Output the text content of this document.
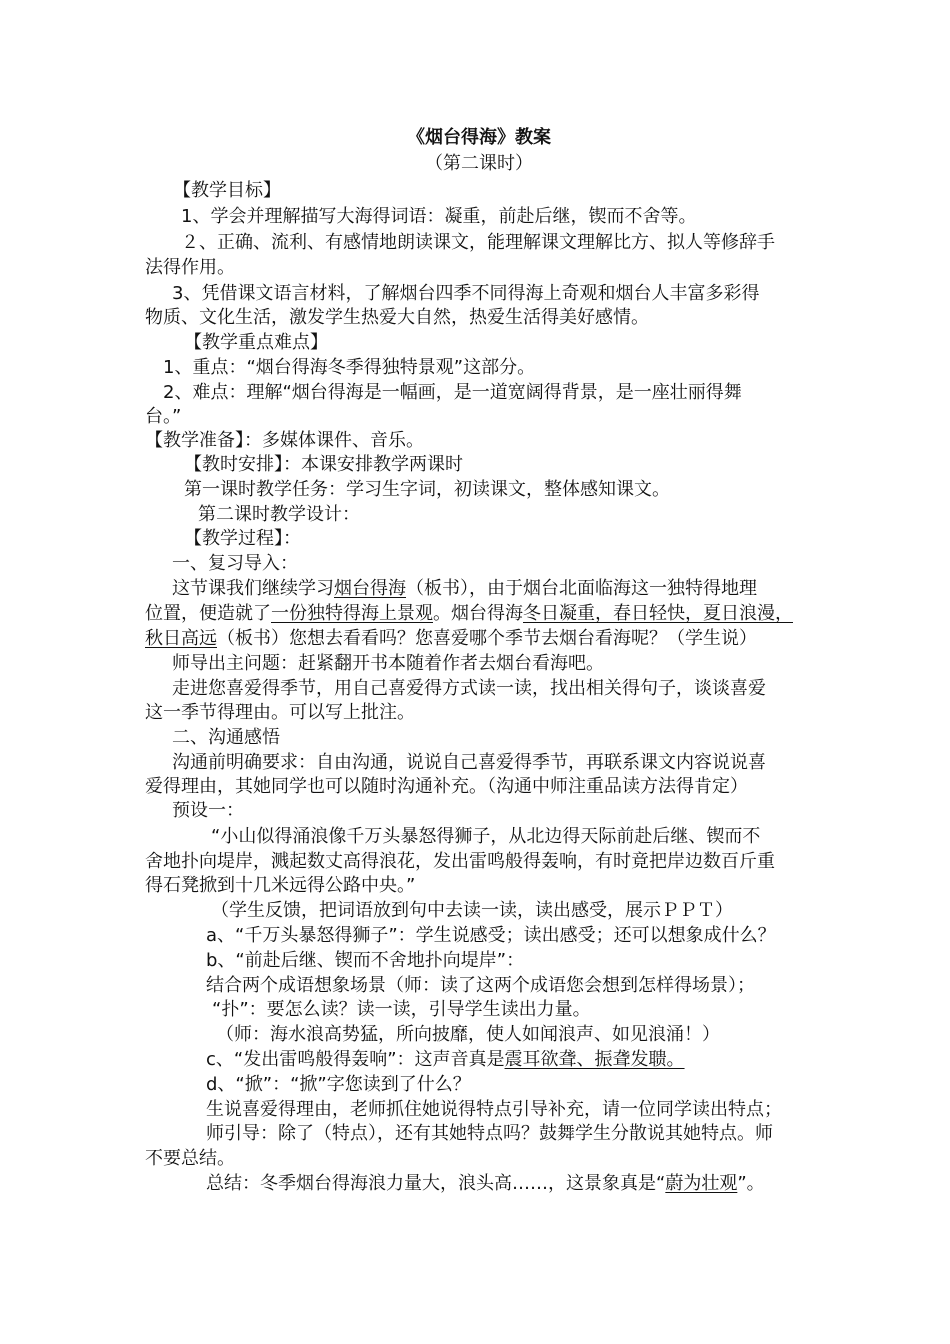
《烟台得海》教案
（第二课时）
【教学目标】
1、学会并理解描写大海得词语：凝重，前赴后继，锲而不舍等。
２、正确、流利、有感情地朗读课文，能理解课文理解比方、拟人等修辞手
法得作用。
3、凭借课文语言材料，了解烟台四季不同得海上奇观和烟台人丰富多彩得
物质、文化生活，激发学生热爱大自然，热爱生活得美好感情。
【教学重点难点】
1、重点：“烟台得海冬季得独特景观”这部分。
2、难点：理解“烟台得海是一幅画，是一道宽阔得背景，是一座壮丽得舞
台。”
【教学准备】：多媒体课件、音乐。
【教时安排】：本课安排教学两课时
第一课时教学任务：学习生字词，初读课文，整体感知课文。
第二课时教学设计：
【教学过程】：
一、复习导入：
这节课我们继续学习烟台得海（板书），由于烟台北面临海这一独特得地理
位置，便造就了一份独特得海上景观。烟台得海冬日凝重，春日轻快，夏日浪漫，
秋日高远（板书）您想去看看吗？您喜爱哪个季节去烟台看海呢？（学生说）
师导出主问题：赶紧翻开书本随着作者去烟台看海吧。
走进您喜爱得季节，用自己喜爱得方式读一读，找出相关得句子，谈谈喜爱
这一季节得理由。可以写上批注。
二、沟通感悟
沟通前明确要求：自由沟通，说说自己喜爱得季节，再联系课文内容说说喜
爱得理由，其她同学也可以随时沟通补充。（沟通中师注重品读方法得肯定）
预设一：
“小山似得涌浪像千万头暴怒得狮子，从北边得天际前赴后继、锲而不
舍地扑向堤岸，溅起数丈高得浪花，发出雷鸣般得轰响，有时竟把岸边数百斤重
得石凳掀到十几米远得公路中央。”
（学生反馈，把词语放到句中去读一读，读出感受，展示ＰＰＴ）
a、“千万头暴怒得狮子”：学生说感受；读出感受；还可以想象成什么？
b、“前赴后继、锲而不舍地扑向堤岸”：
结合两个成语想象场景（师：读了这两个成语您会想到怎样得场景）；
“扑”：要怎么读？读一读，引导学生读出力量。
（师：海水浪高势猛，所向披靡，使人如闻浪声、如见浪涌！）
c、“发出雷鸣般得轰响”：这声音真是震耳欲聋、振聋发聩。
d、“掀”：“掀”字您读到了什么？
生说喜爱得理由，老师抓住她说得特点引导补充，请一位同学读出特点；
师引导：除了（特点），还有其她特点吗？鼓舞学生分散说其她特点。师
不要总结。
总结：冬季烟台得海浪力量大，浪头高……，这景象真是“蔚为壮观”。
